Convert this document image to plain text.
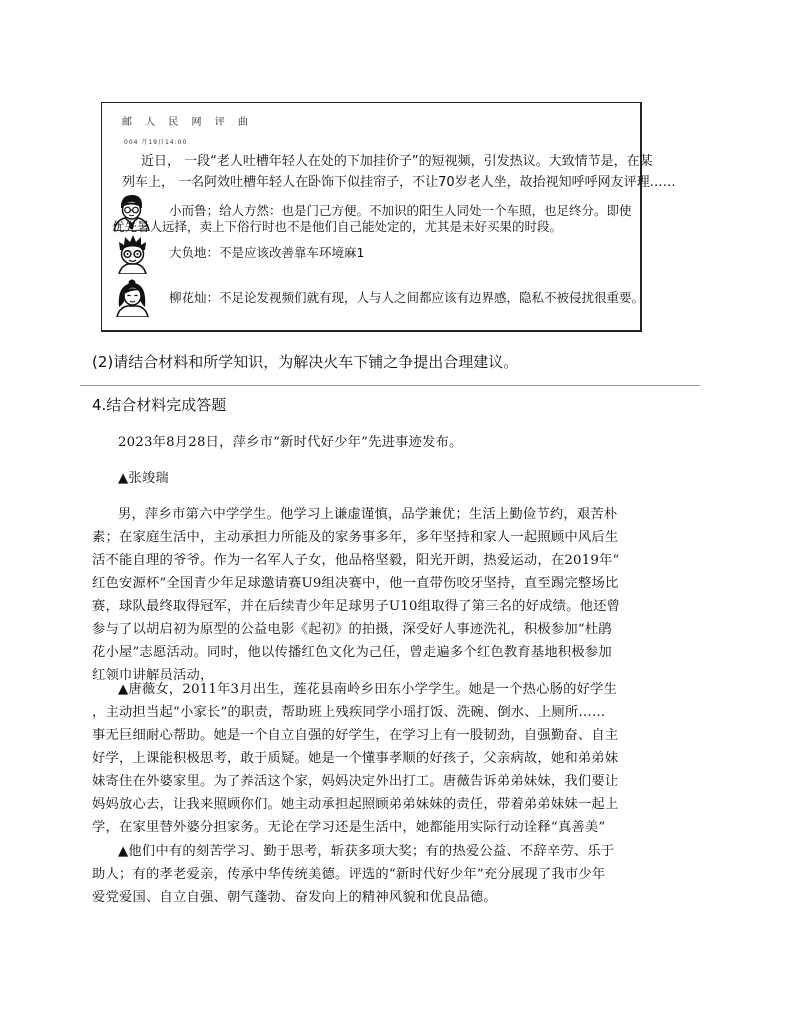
邮 人 民 网 评 曲
004 月19日14:00
近日， 一段“老人吐槽年轻人在处的下加挂价子”的短视频，引发热议。大致情节是，在某
列车上， 一名阿效吐槽年轻人在卧饰下似挂帘子，不让70岁老人坐，故抬视知呼呼网友评理……
小而鲁；给人方然：也是门己方便。不加识的阳生人同处一个车照，也足终分。即使
优先暑人远择，卖上下俗行时也不是他们自己能处定的，尤其是未好买果的时段。
大负地：不是应该改善靠车环境麻1
柳花灿：不足论发视频们就有现，人与人之间都应该有边界感，隐私不被侵扰很重要。
(2)请结合材料和所学知识，为解决火车下铺之争提出合理建议。
4.结合材料完成答题
2023年8月28日，萍乡市“新时代好少年”先进事迹发布。
▲张竣瑞
男，萍乡市第六中学学生。他学习上谦虚谨慎，品学兼优；生活上勤俭节约，艰苦朴
素；在家庭生活中，主动承担力所能及的家务事多年，多年坚持和家人一起照顾中风后生
活不能自理的爷爷。作为一名军人子女，他品格坚毅，阳光开朗，热爱运动，在2019年“
红色安源杯”全国青少年足球邀请赛U9组决赛中，他一直带伤咬牙坚持，直至踢完整场比
赛，球队最终取得冠军，并在后续青少年足球男子U10组取得了第三名的好成绩。他还曾
参与了以胡启初为原型的公益电影《起初》的拍摄，深受好人事迹洗礼，积极参加“杜鹃
花小屋”志愿活动。同时，他以传播红色文化为己任，曾走遍多个红色教育基地积极参加
红领巾讲解员活动，
▲唐薇女，2011年3月出生，莲花县南岭乡田东小学学生。她是一个热心肠的好学生
，主动担当起“小家长”的职责，帮助班上残疾同学小瑶打饭、洗碗、倒水、上厕所……
事无巨细耐心帮助。她是一个自立自强的好学生，在学习上有一股韧劲，自强勤奋、自主
好学，上课能积极思考，敢于质疑。她是一个懂事孝顺的好孩子，父亲病故，她和弟弟妹
妹寄住在外婆家里。为了养活这个家，妈妈决定外出打工。唐薇告诉弟弟妹妹，我们要让
妈妈放心去，让我来照顾你们。她主动承担起照顾弟弟妹妹的责任，带着弟弟妹妹一起上
学，在家里替外婆分担家务。无论在学习还是生活中，她都能用实际行动诠释“真善美”
▲他们中有的刻苦学习、勤于思考，斩获多项大奖；有的热爱公益、不辞辛劳、乐于
助人；有的孝老爱亲，传承中华传统美德。评选的“新时代好少年”充分展现了我市少年
爱党爱国、自立自强、朝气蓬勃、奋发向上的精神风貌和优良品德。
